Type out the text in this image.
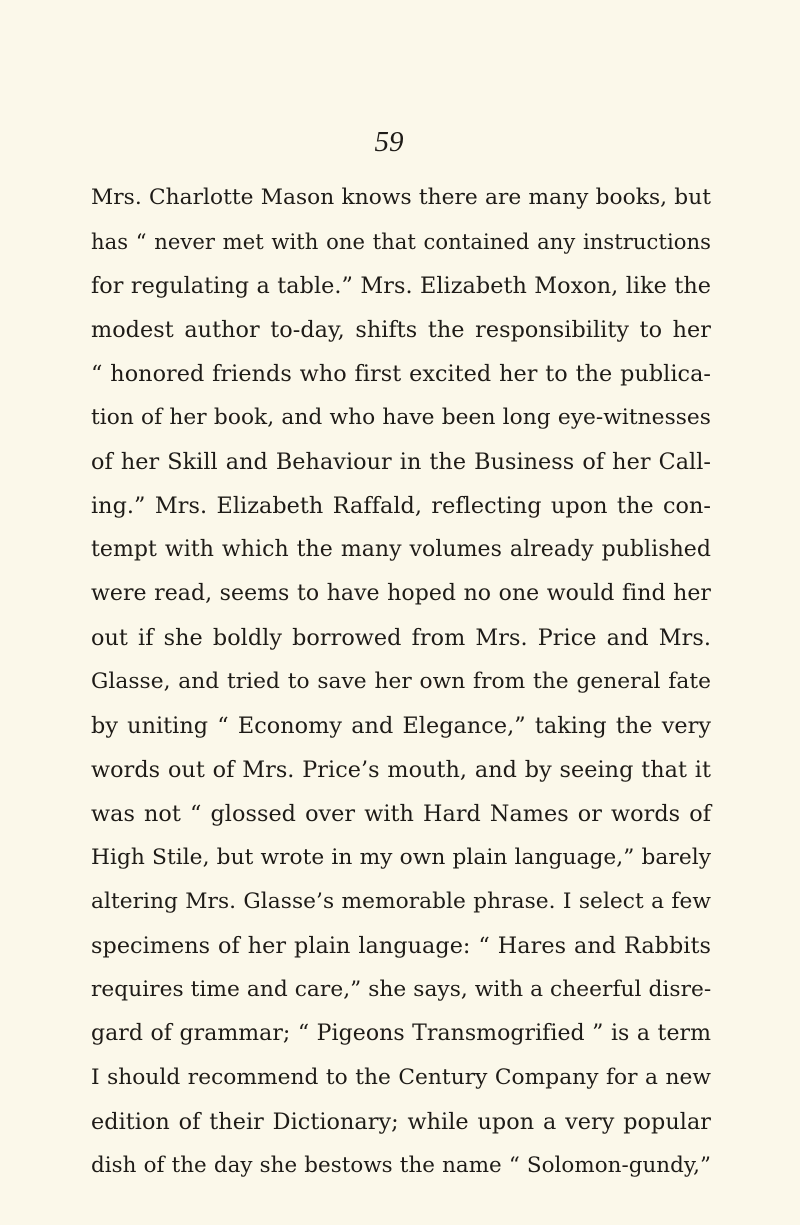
59
Mrs. Charlotte Mason knows there are many books, but
has “ never met with one that contained any instructions
for regulating a table.” Mrs. Elizabeth Moxon, like the
modest author to-day, shifts the responsibility to her
“ honored friends who first excited her to the publica-
tion of her book, and who have been long eye-witnesses
of her Skill and Behaviour in the Business of her Call-
ing.” Mrs. Elizabeth Raffald, reflecting upon the con-
tempt with which the many volumes already published
were read, seems to have hoped no one would find her
out if she boldly borrowed from Mrs. Price and Mrs.
Glasse, and tried to save her own from the general fate
by uniting “ Economy and Elegance,” taking the very
words out of Mrs. Price’s mouth, and by seeing that it
was not “ glossed over with Hard Names or words of
High Stile, but wrote in my own plain language,” barely
altering Mrs. Glasse’s memorable phrase. I select a few
specimens of her plain language: “ Hares and Rabbits
requires time and care,” she says, with a cheerful disre-
gard of grammar; “ Pigeons Transmogrified ” is a term
I should recommend to the Century Company for a new
edition of their Dictionary; while upon a very popular
dish of the day she bestows the name “ Solomon-gundy,”
